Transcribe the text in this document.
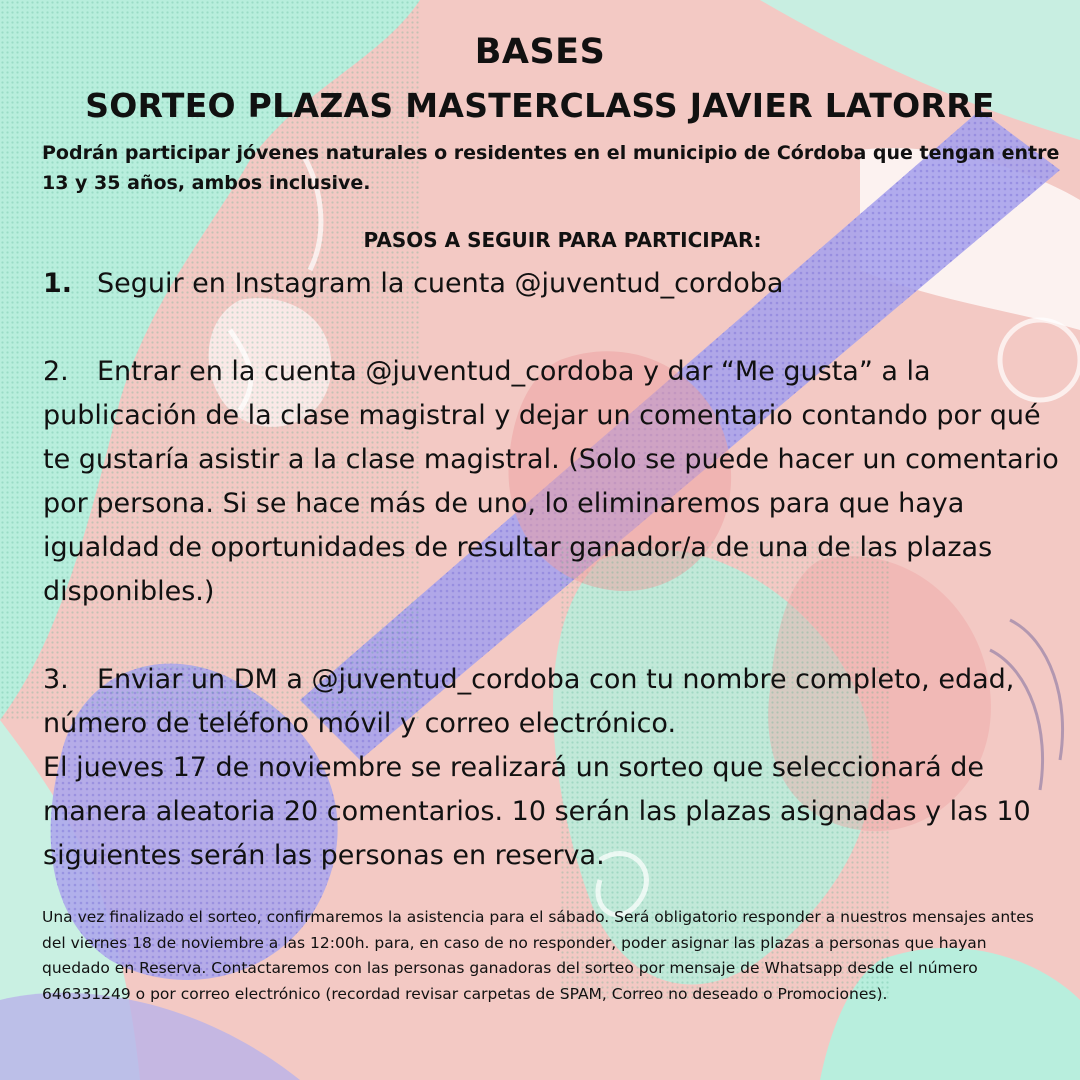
BASES
SORTEO PLAZAS MASTERCLASS JAVIER LATORRE
Podrán participar jóvenes naturales o residentes en el municipio de Córdoba que tengan entre 13 y 35 años, ambos inclusive.
PASOS A SEGUIR PARA PARTICIPAR:

1. Seguir en Instagram la cuenta @juventud_cordoba

2. Entrar en la cuenta @juventud_cordoba y dar “Me gusta” a la publicación de la clase magistral y dejar un comentario contando por qué te gustaría asistir a la clase magistral. (Solo se puede hacer un comentario por persona. Si se hace más de uno, lo eliminaremos para que haya igualdad de oportunidades de resultar ganador/a de una de las plazas disponibles.)

3. Enviar un DM a @juventud_cordoba con tu nombre completo, edad, número de teléfono móvil y correo electrónico.

El jueves 17 de noviembre se realizará un sorteo que seleccionará de manera aleatoria 20 comentarios. 10 serán las plazas asignadas y las 10 siguientes serán las personas en reserva.

Una vez finalizado el sorteo, confirmaremos la asistencia para el sábado. Será obligatorio responder a nuestros mensajes antes del viernes 18 de noviembre a las 12:00h. para, en caso de no responder, poder asignar las plazas a personas que hayan quedado en Reserva. Contactaremos con las personas ganadoras del sorteo por mensaje de Whatsapp desde el número 646331249 o por correo electrónico (recordad revisar carpetas de SPAM, Correo no deseado o Promociones).
